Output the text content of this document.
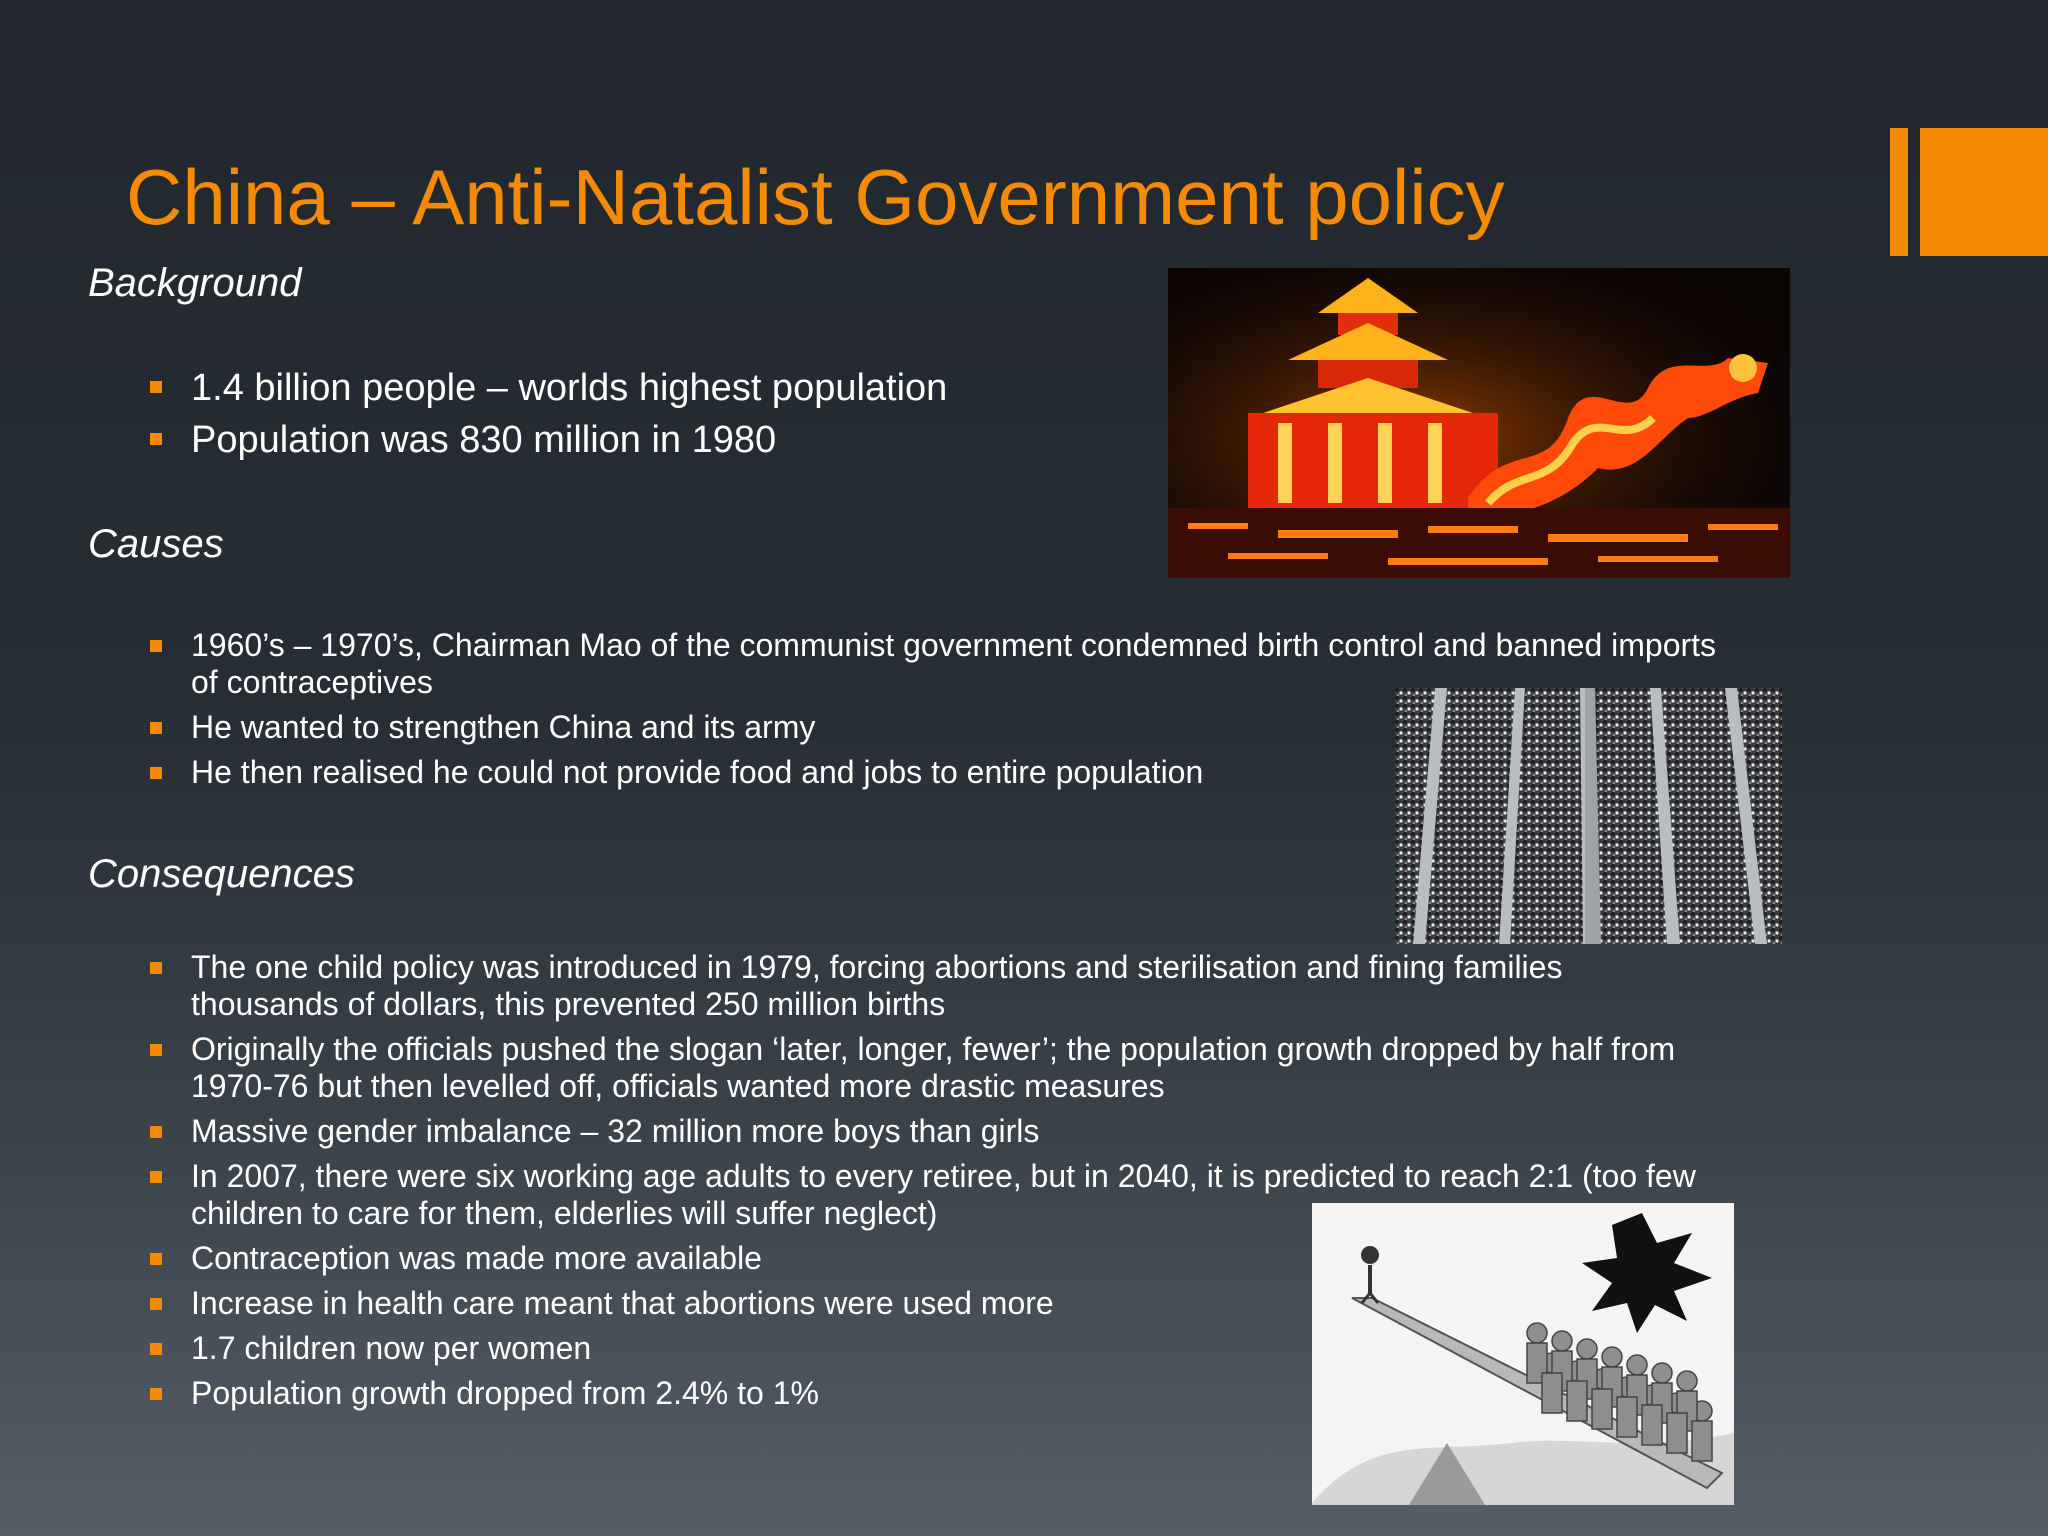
China – Anti-Natalist Government policy
Background
1.4 billion people – worlds highest population
Population was 830 million in 1980
Causes
1960’s – 1970’s, Chairman Mao of the communist government condemned birth control and banned imports of contraceptives
He wanted to strengthen China and its army
He then realised he could not provide food and jobs to entire population
Consequences
The one child policy was introduced in 1979, forcing abortions and sterilisation and fining families thousands of dollars, this prevented 250 million births
Originally the officials pushed the slogan ‘later, longer, fewer’; the population growth dropped by half from 1970-76 but then levelled off, officials wanted more drastic measures
Massive gender imbalance – 32 million more boys than girls
In 2007, there were six working age adults to every retiree, but in 2040, it is predicted to reach 2:1 (too few children to care for them, elderlies will suffer neglect)
Contraception was made more available
Increase in health care meant that abortions were used more
1.7 children now per women
Population growth dropped from 2.4% to 1%
